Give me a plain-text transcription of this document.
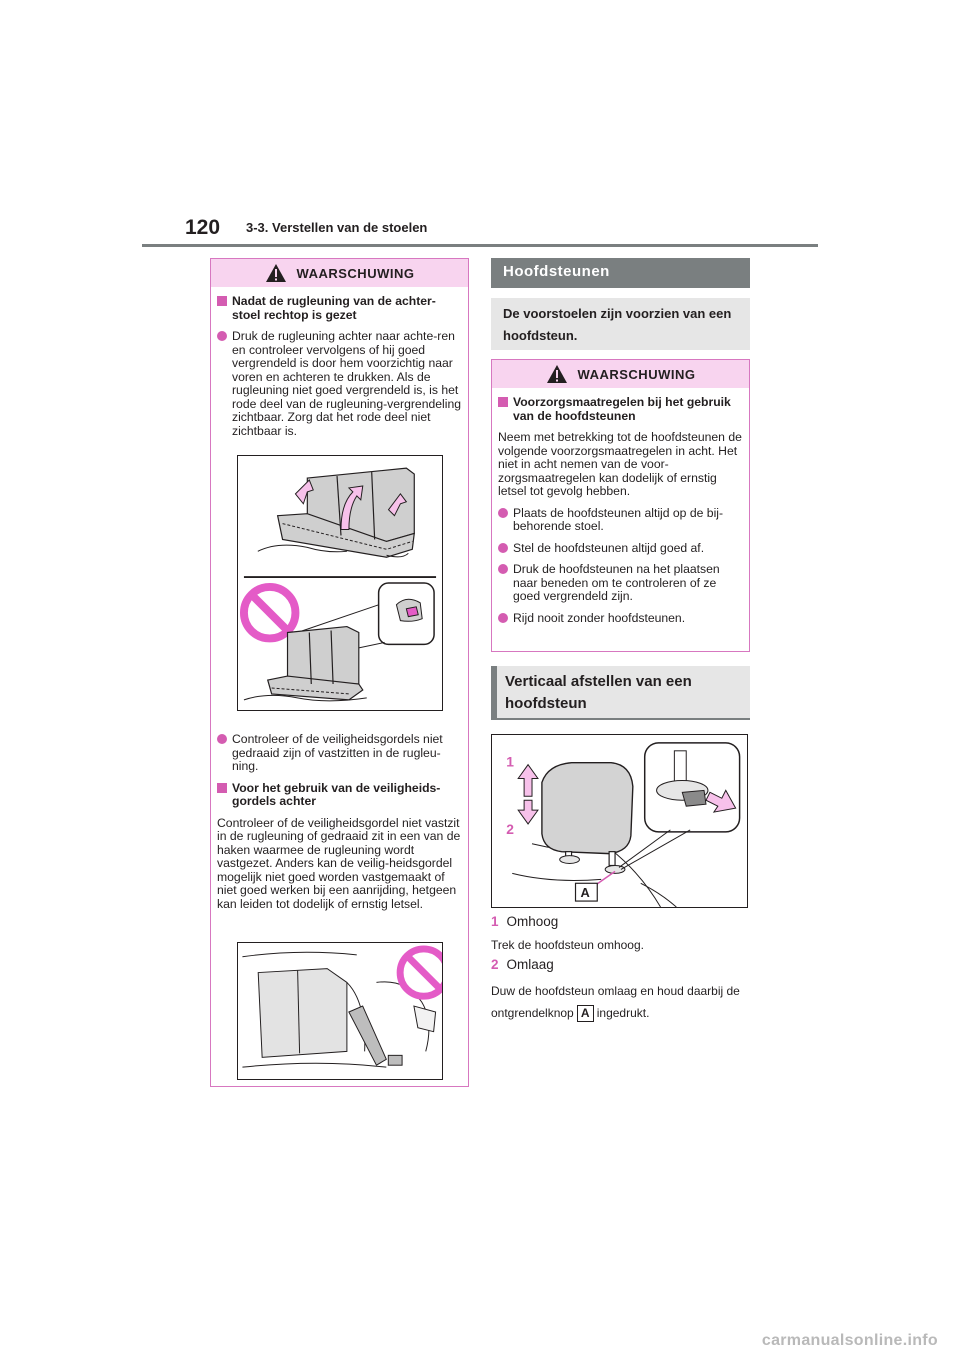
120 3-3. Verstellen van de stoelen
WAARSCHUWING
Nadat de rugleuning van de achter-stoel rechtop is gezet
Druk de rugleuning achter naar achte-ren en controleer vervolgens of hij goed vergrendeld is door hem voorzichtig naar voren en achteren te drukken. Als de rugleuning niet goed vergrendeld is, is het rode deel van de rugleuning-vergrendeling zichtbaar. Zorg dat het rode deel niet zichtbaar is.
Controleer of de veiligheidsgordels niet gedraaid zijn of vastzitten in de rugleu-ning.
Voor het gebruik van de veiligheids-gordels achter
Controleer of de veiligheidsgordel niet vastzit in de rugleuning of gedraaid zit in een van de haken waarmee de rugleuning wordt vastgezet. Anders kan de veilig-heidsgordel mogelijk niet goed worden vastgemaakt of niet goed werken bij een aanrijding, hetgeen kan leiden tot dodelijk of ernstig letsel.
Hoofdsteunen
De voorstoelen zijn voorzien van een hoofdsteun.
WAARSCHUWING
Voorzorgsmaatregelen bij het gebruik van de hoofdsteunen
Neem met betrekking tot de hoofdsteunen de volgende voorzorgsmaatregelen in acht. Het niet in acht nemen van de voor-zorgsmaatregelen kan dodelijk of ernstig letsel tot gevolg hebben.
Plaats de hoofdsteunen altijd op de bij-behorende stoel.
Stel de hoofdsteunen altijd goed af.
Druk de hoofdsteunen na het plaatsen naar beneden om te controleren of ze goed vergrendeld zijn.
Rijd nooit zonder hoofdsteunen.
Verticaal afstellen van een hoofdsteun
1
2
A
1 Omhoog
Trek de hoofdsteun omhoog.
2 Omlaag
Duw de hoofdsteun omlaag en houd daarbij de ontgrendelknop A ingedrukt.
carmanualsonline.info
